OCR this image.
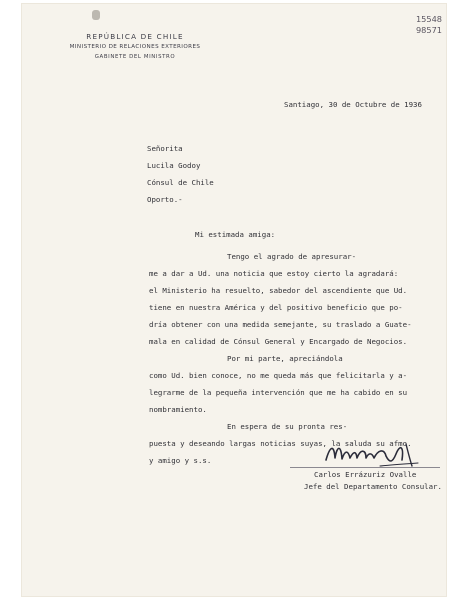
REPÚBLICA DE CHILE
MINISTERIO DE RELACIONES EXTERIORES
GABINETE DEL MINISTRO
15548
98571
Santiago, 30 de Octubre de 1936
Señorita
Lucila Godoy
Cónsul de Chile
Oporto.-
Mi estimada amiga:
Tengo el agrado de apresurar-
me a dar a Ud. una noticia que estoy cierto la agradará:
el Ministerio ha resuelto, sabedor del ascendiente que Ud.
tiene en nuestra América y del positivo beneficio que po-
dría obtener con una medida semejante, su traslado a Guate-
mala en calidad de Cónsul General y Encargado de Negocios.
Por mi parte, apreciándola
como Ud. bien conoce, no me queda más que felicitarla y a-
legrarme de la pequeña intervención que me ha cabido en su
nombramiento.
En espera de su pronta res-
puesta y deseando largas noticias suyas, la saluda su afmo.
y amigo y s.s.
Carlos Errázuriz Ovalle
Jefe del Departamento Consular.
